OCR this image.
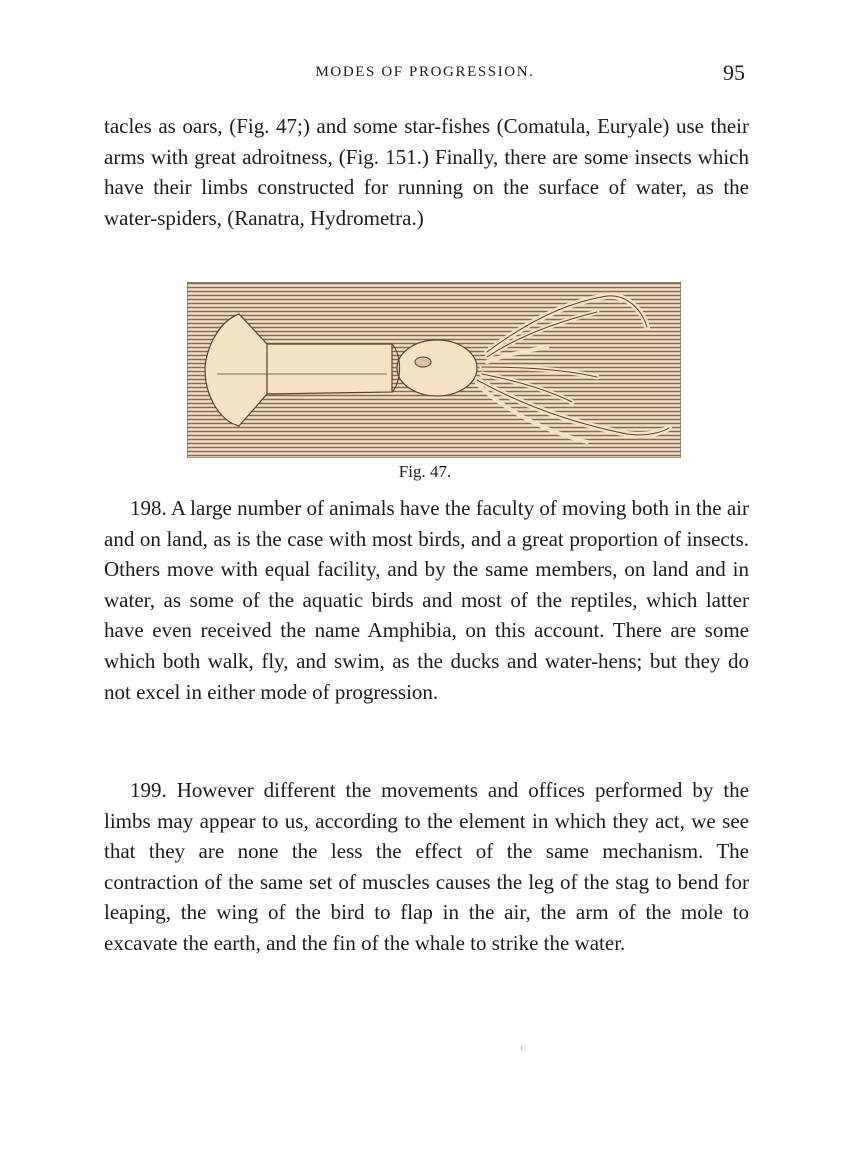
MODES OF PROGRESSION.	95

tacles as oars, (Fig. 47;) and some star-fishes (Comatula, Euryale) use their arms with great adroitness, (Fig. 151.) Finally, there are some insects which have their limbs constructed for running on the surface of water, as the water-spiders, (Ranatra, Hydrometra.)

Fig. 47.

198. A large number of animals have the faculty of moving both in the air and on land, as is the case with most birds, and a great proportion of insects. Others move with equal facility, and by the same members, on land and in water, as some of the aquatic birds and most of the reptiles, which latter have even received the name Amphibia, on this account. There are some which both walk, fly, and swim, as the ducks and water-hens; but they do not excel in either mode of progression.

199. However different the movements and offices performed by the limbs may appear to us, according to the element in which they act, we see that they are none the less the effect of the same mechanism. The contraction of the same set of muscles causes the leg of the stag to bend for leaping, the wing of the bird to flap in the air, the arm of the mole to excavate the earth, and the fin of the whale to strike the water.
